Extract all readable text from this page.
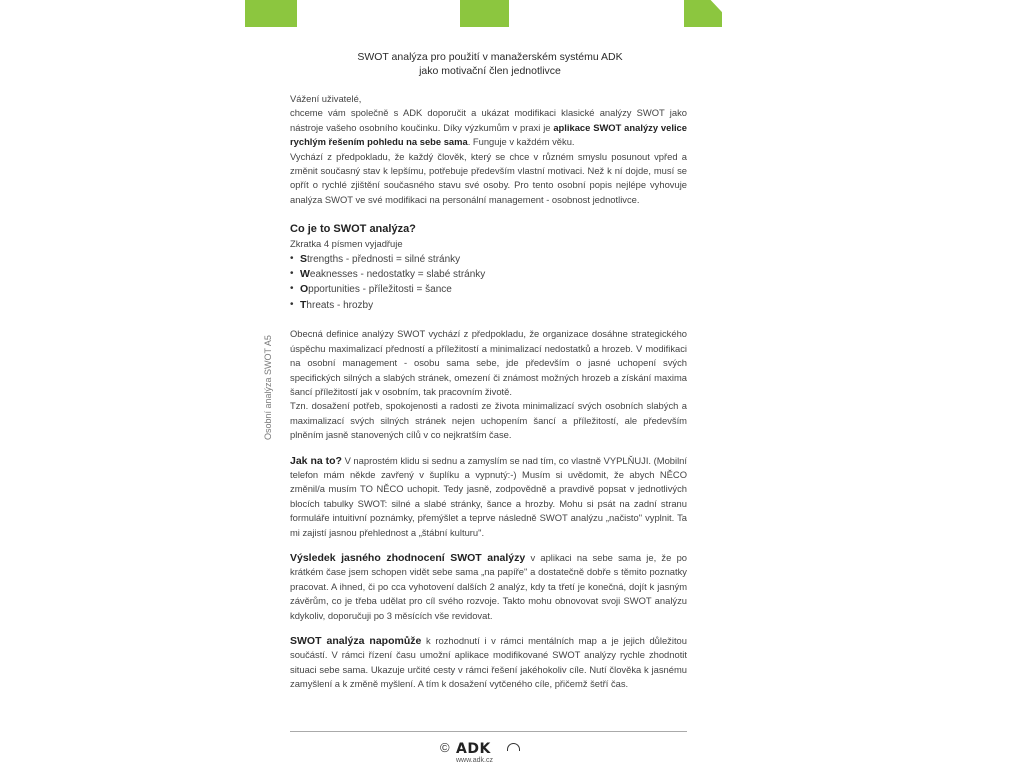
SWOT analýza pro použití v manažerském systému ADK
jako motivační člen jednotlivce
Osobní analýza SWOT A5

Vážení uživatelé,

chceme vám společně s ADK doporučit a ukázat modifikaci klasické analýzy SWOT jako nástroje vašeho osobního koučinku. Díky výzkumům v praxi je aplikace SWOT analýzy velice rychlým řešením pohledu na sebe sama. Funguje v každém věku.

Vychází z předpokladu, že každý člověk, který se chce v různém smyslu posunout vpřed a změnit současný stav k lepšímu, potřebuje především vlastní motivaci. Než k ní dojde, musí se opřít o rychlé zjištění současného stavu své osoby. Pro tento osobní popis nejlépe vyhovuje analýza SWOT ve své modifikaci na personální management - osobnost jednotlivce.

Co je to SWOT analýza?

Zkratka 4 písmen vyjadřuje

• Strengths - přednosti = silné stránky
• Weaknesses - nedostatky = slabé stránky
• Opportunities - příležitosti = šance
• Threats - hrozby

Obecná definice analýzy SWOT vychází z předpokladu, že organizace dosáhne strategického úspěchu maximalizací předností a příležitostí a minimalizací nedostatků a hrozeb. V modifikaci na osobní management - osobu sama sebe, jde především o jasné uchopení svých specifických silných a slabých stránek, omezení či známost možných hrozeb a získání maxima šancí příležitostí jak v osobním, tak pracovním životě.

Tzn. dosažení potřeb, spokojenosti a radosti ze života minimalizací svých osobních slabých a maximalizací svých silných stránek nejen uchopením šancí a příležitostí, ale především plněním jasně stanovených cílů v co nejkratším čase.

Jak na to? V naprostém klidu si sednu a zamyslím se nad tím, co vlastně VYPLŇUJI. (Mobilní telefon mám někde zavřený v šuplíku a vypnutý:-) Musím si uvědomit, že abych NĚCO změnil/a musím TO NĚCO uchopit. Tedy jasně, zodpovědně a pravdivě popsat v jednotlivých blocích tabulky SWOT: silné a slabé stránky, šance a hrozby. Mohu si psát na zadní stranu formuláře intuitivní poznámky, přemýšlet a teprve následně SWOT analýzu „načisto" vyplnit. Ta mi zajistí jasnou přehlednost a „štábní kulturu".

Výsledek jasného zhodnocení SWOT analýzy v aplikaci na sebe sama je, že po krátkém čase jsem schopen vidět sebe sama „na papíře" a dostatečně dobře s těmito poznatky pracovat. A ihned, či po cca vyhotovení dalších 2 analýz, kdy ta třetí je konečná, dojít k jasným závěrům, co je třeba udělat pro cíl svého rozvoje. Takto mohu obnovovat svoji SWOT analýzu kdykoliv, doporučuji po 3 měsících vše revidovat.

SWOT analýza napomůže k rozhodnutí i v rámci mentálních map a je jejich důležitou součástí. V rámci řízení času umožní aplikace modifikované SWOT analýzy rychle zhodnotit situaci sebe sama. Ukazuje určité cesty v rámci řešení jakéhokoliv cíle. Nutí člověka k jasnému zamyšlení a k změně myšlení. A tím k dosažení vytčeného cíle, přičemž šetří čas.

© ADK
www.adk.cz
